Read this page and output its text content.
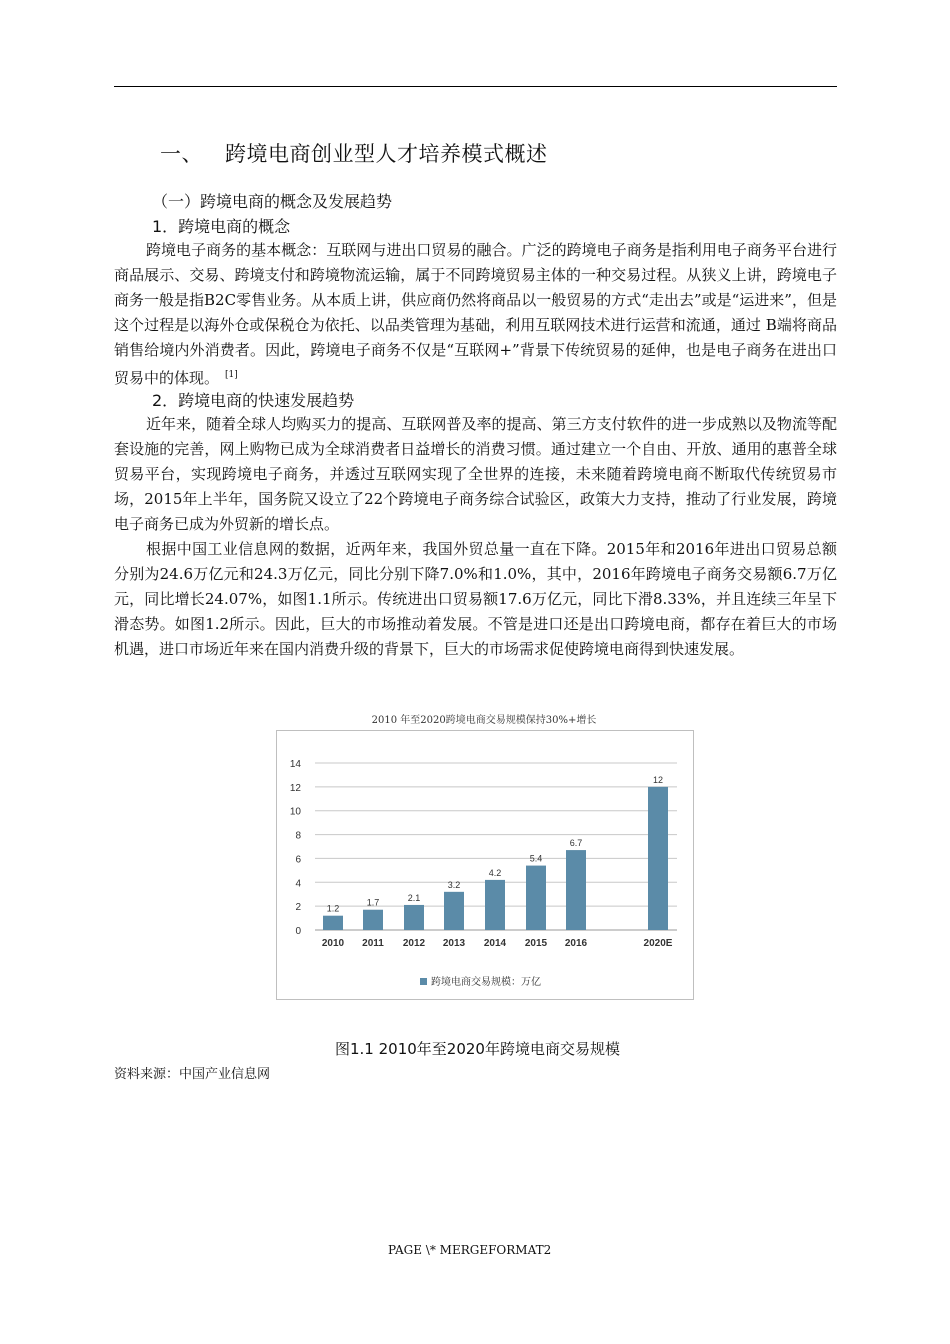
一、 跨境电商创业型人才培养模式概述
（一）跨境电商的概念及发展趋势
1．跨境电商的概念

跨境电子商务的基本概念：互联网与进出口贸易的融合。广泛的跨境电子商务是指利用电子商务平台进行商品展示、交易、跨境支付和跨境物流运输，属于不同跨境贸易主体的一种交易过程。从狭义上讲，跨境电子商务一般是指B2C零售业务。从本质上讲，供应商仍然将商品以一般贸易的方式“走出去”或是“运进来”，但是这个过程是以海外仓或保税仓为依托、以品类管理为基础，利用互联网技术进行运营和流通，通过 B端将商品销售给境内外消费者。因此，跨境电子商务不仅是“互联网+”背景下传统贸易的延伸，也是电子商务在进出口贸易中的体现。 [1]

2．跨境电商的快速发展趋势

近年来，随着全球人均购买力的提高、互联网普及率的提高、第三方支付软件的进一步成熟以及物流等配套设施的完善，网上购物已成为全球消费者日益增长的消费习惯。通过建立一个自由、开放、通用的惠普全球贸易平台，实现跨境电子商务，并透过互联网实现了全世界的连接，未来随着跨境电商不断取代传统贸易市场，2015年上半年，国务院又设立了22个跨境电子商务综合试验区，政策大力支持，推动了行业发展，跨境电子商务已成为外贸新的增长点。

根据中国工业信息网的数据，近两年来，我国外贸总量一直在下降。2015年和2016年进出口贸易总额分别为24.6万亿元和24.3万亿元，同比分别下降7.0%和1.0%，其中，2016年跨境电子商务交易额6.7万亿元，同比增长24.07%，如图1.1所示。传统进出口贸易额17.6万亿元，同比下滑8.33%，并且连续三年呈下滑态势。如图1.2所示。因此，巨大的市场推动着发展。不管是进口还是出口跨境电商，都存在着巨大的市场机遇，进口市场近年来在国内消费升级的背景下，巨大的市场需求促使跨境电商得到快速发展。

2010 年至2020跨境电商交易规模保持30%+增长
0
2
4
6
8
10
12
14
1.2
2010
1.7
2011
2.1
2012
3.2
2013
4.2
2014
5.4
2015
6.7
2016
12
2020E
跨境电商交易规模：万亿
图1.1 2010年至2020年跨境电商交易规模
资料来源：中国产业信息网
PAGE \* MERGEFORMAT2
